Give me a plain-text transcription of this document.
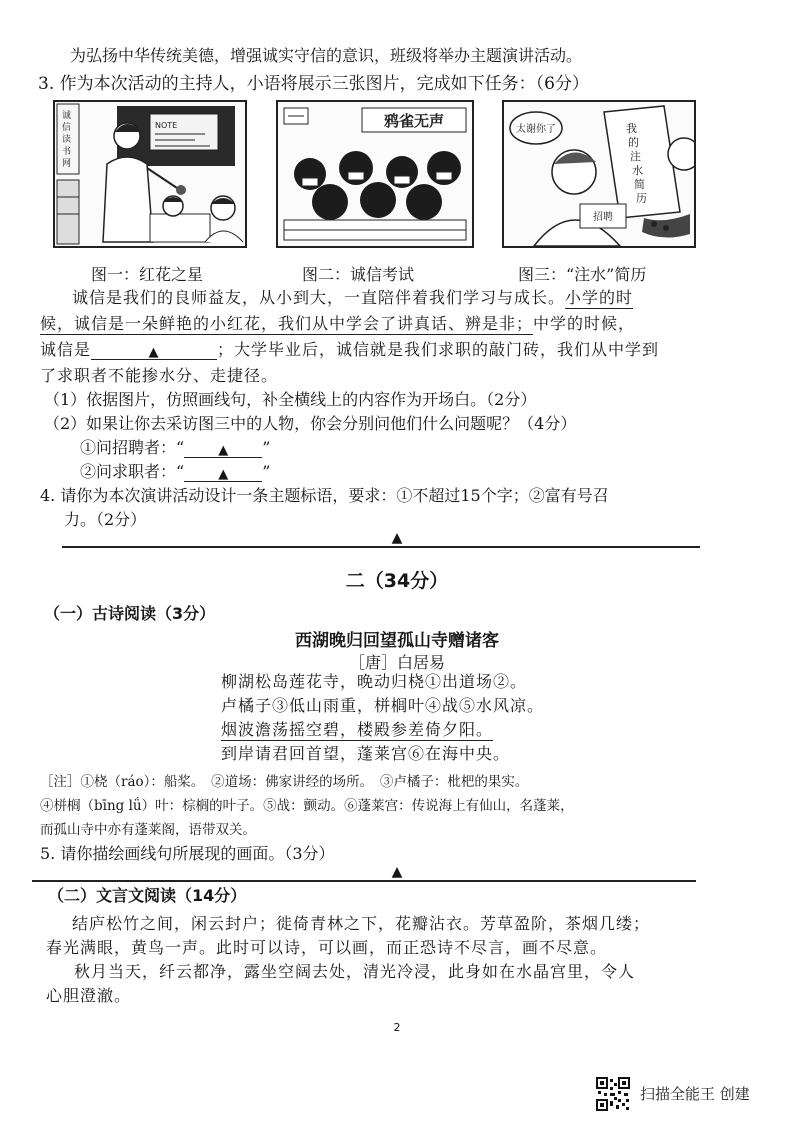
为弘扬中华传统美德，增强诚实守信的意识，班级将举办主题演讲活动。
3. 作为本次活动的主持人，小语将展示三张图片，完成如下任务：（6分）
NOTE
诚信读书网
鸦雀无声	太谢你了	我的注水简历
招聘
图一：红花之星	图二：诚信考试	图三：“注水”简历
诚信是我们的良师益友，从小到大，一直陪伴着我们学习与成长。小学的时
候，诚信是一朵鲜艳的小红花，我们从中学会了讲真话、辨是非；中学的时候，
诚信是	▲	；大学毕业后，诚信就是我们求职的敲门砖，我们从中学到
了求职者不能掺水分、走捷径。
（1）依据图片，仿照画线句，补全横线上的内容作为开场白。（2分）
（2）如果让你去采访图三中的人物，你会分别问他们什么问题呢？（4分）
①问招聘者：“	▲ ”
②问求职者：“	▲ ”
4. 请你为本次演讲活动设计一条主题标语，要求：①不超过15个字；②富有号召
力。（2分）
▲
二（34分）
（一）古诗阅读（3分）
西湖晚归回望孤山寺赠诸客
［唐］白居易
柳湖松岛莲花寺，晚动归桡①出道场②。
卢橘子③低山雨重，栟榈叶④战⑤水风凉。
烟波澹荡摇空碧，楼殿参差倚夕阳。
到岸请君回首望，蓬莱宫⑥在海中央。
［注］①桡（ráo）：船桨。　②道场：佛家讲经的场所。　③卢橘子：枇杷的果实。
④栟榈（bīng lǘ）叶：棕榈的叶子。⑤战：颤动。⑥蓬莱宫：传说海上有仙山，名蓬莱，
而孤山寺中亦有蓬莱阁，语带双关。
5. 请你描绘画线句所展现的画面。（3分）
▲
（二）文言文阅读（14分）
结庐松竹之间，闲云封户；徙倚青林之下，花瓣沾衣。芳草盈阶，茶烟几缕；
春光满眼，黄鸟一声。此时可以诗，可以画，而正恐诗不尽言，画不尽意。
秋月当天，纤云都净，露坐空阔去处，清光冷浸，此身如在水晶宫里，令人
心胆澄澈。
2
扫描全能王 创建
